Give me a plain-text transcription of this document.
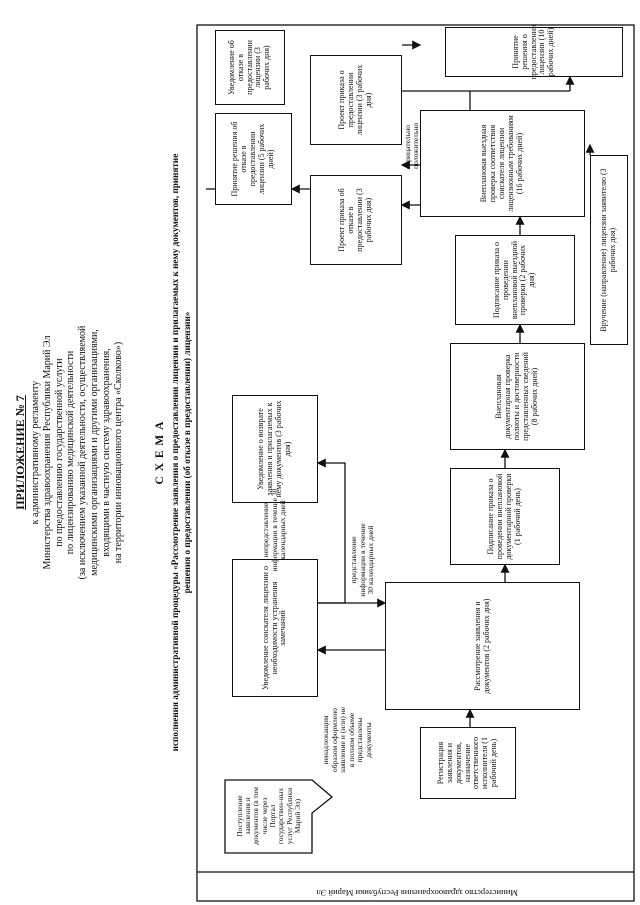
ПРИЛОЖЕНИЕ № 7 к административному регламенту Министерства здравоохранения Республики Марий Эл по предоставлению государственной услуги по лицензированию медицинской деятельности (за исключением указанной деятельности, осуществляемой медицинскими организациями и другими организациями, входящими в частную систему здравоохранения, на территории инновационного центра «Сколково»)	С Х Е М А исполнения административной процедуры «Рассмотрение заявления о предоставлении лицензии и прилагаемых к нему документов, принятие решения о предоставлении (об отказе в предоставлении) лицензии»
Министерство здравоохранения Республики Марий Эл
Поступление заявления и документов (в том числе через Портал государствен-ных услуг Республики Марий Эл)
Регистрация заявления и документов, назначение ответственного исполнителя (1 рабочий день)
Рассмотрение заявления и документов (2 рабочих дня)
Уведомление соискателя лицензии о необходимости устранения замечаний
Уведомление о возврате заявления и прилагаемых к нему документов (3 рабочих дня)
Подписание приказа о проведении внеплановой документарной проверки (1 рабочий день)
Внеплановая документарная проверка полноты и достоверности представленных сведений (8 рабочих дней)
Подписание приказа о проведении внеплановой выездной проверки (2 рабочих дня)
Внеплановая выездная проверка соответствия соискателя лицензии лицензионным требованиям (16 рабочих дней)
Уведомление об отказе в предоставлении лицензии (3 рабочих дня)
Принятие решения об отказе в предоставлении лицензии (5 рабочих дней)
Проект приказа об отказе в предоставлении (3 рабочих дня)
Проект приказа о предоставлении лицензии (3 рабочих дня)
Принятие решения о предоставлении лицензии (10 рабочих дней)
Вручение (направление) лицензии заявителю (3 рабочих дня)
ненадлежащим образом оформлено заявление и (или) не в полном объеме представлены документы
представление информации в течение 30 календарных дней
непредставление информации в течение 30 календарных дней
отрицательно положительно
